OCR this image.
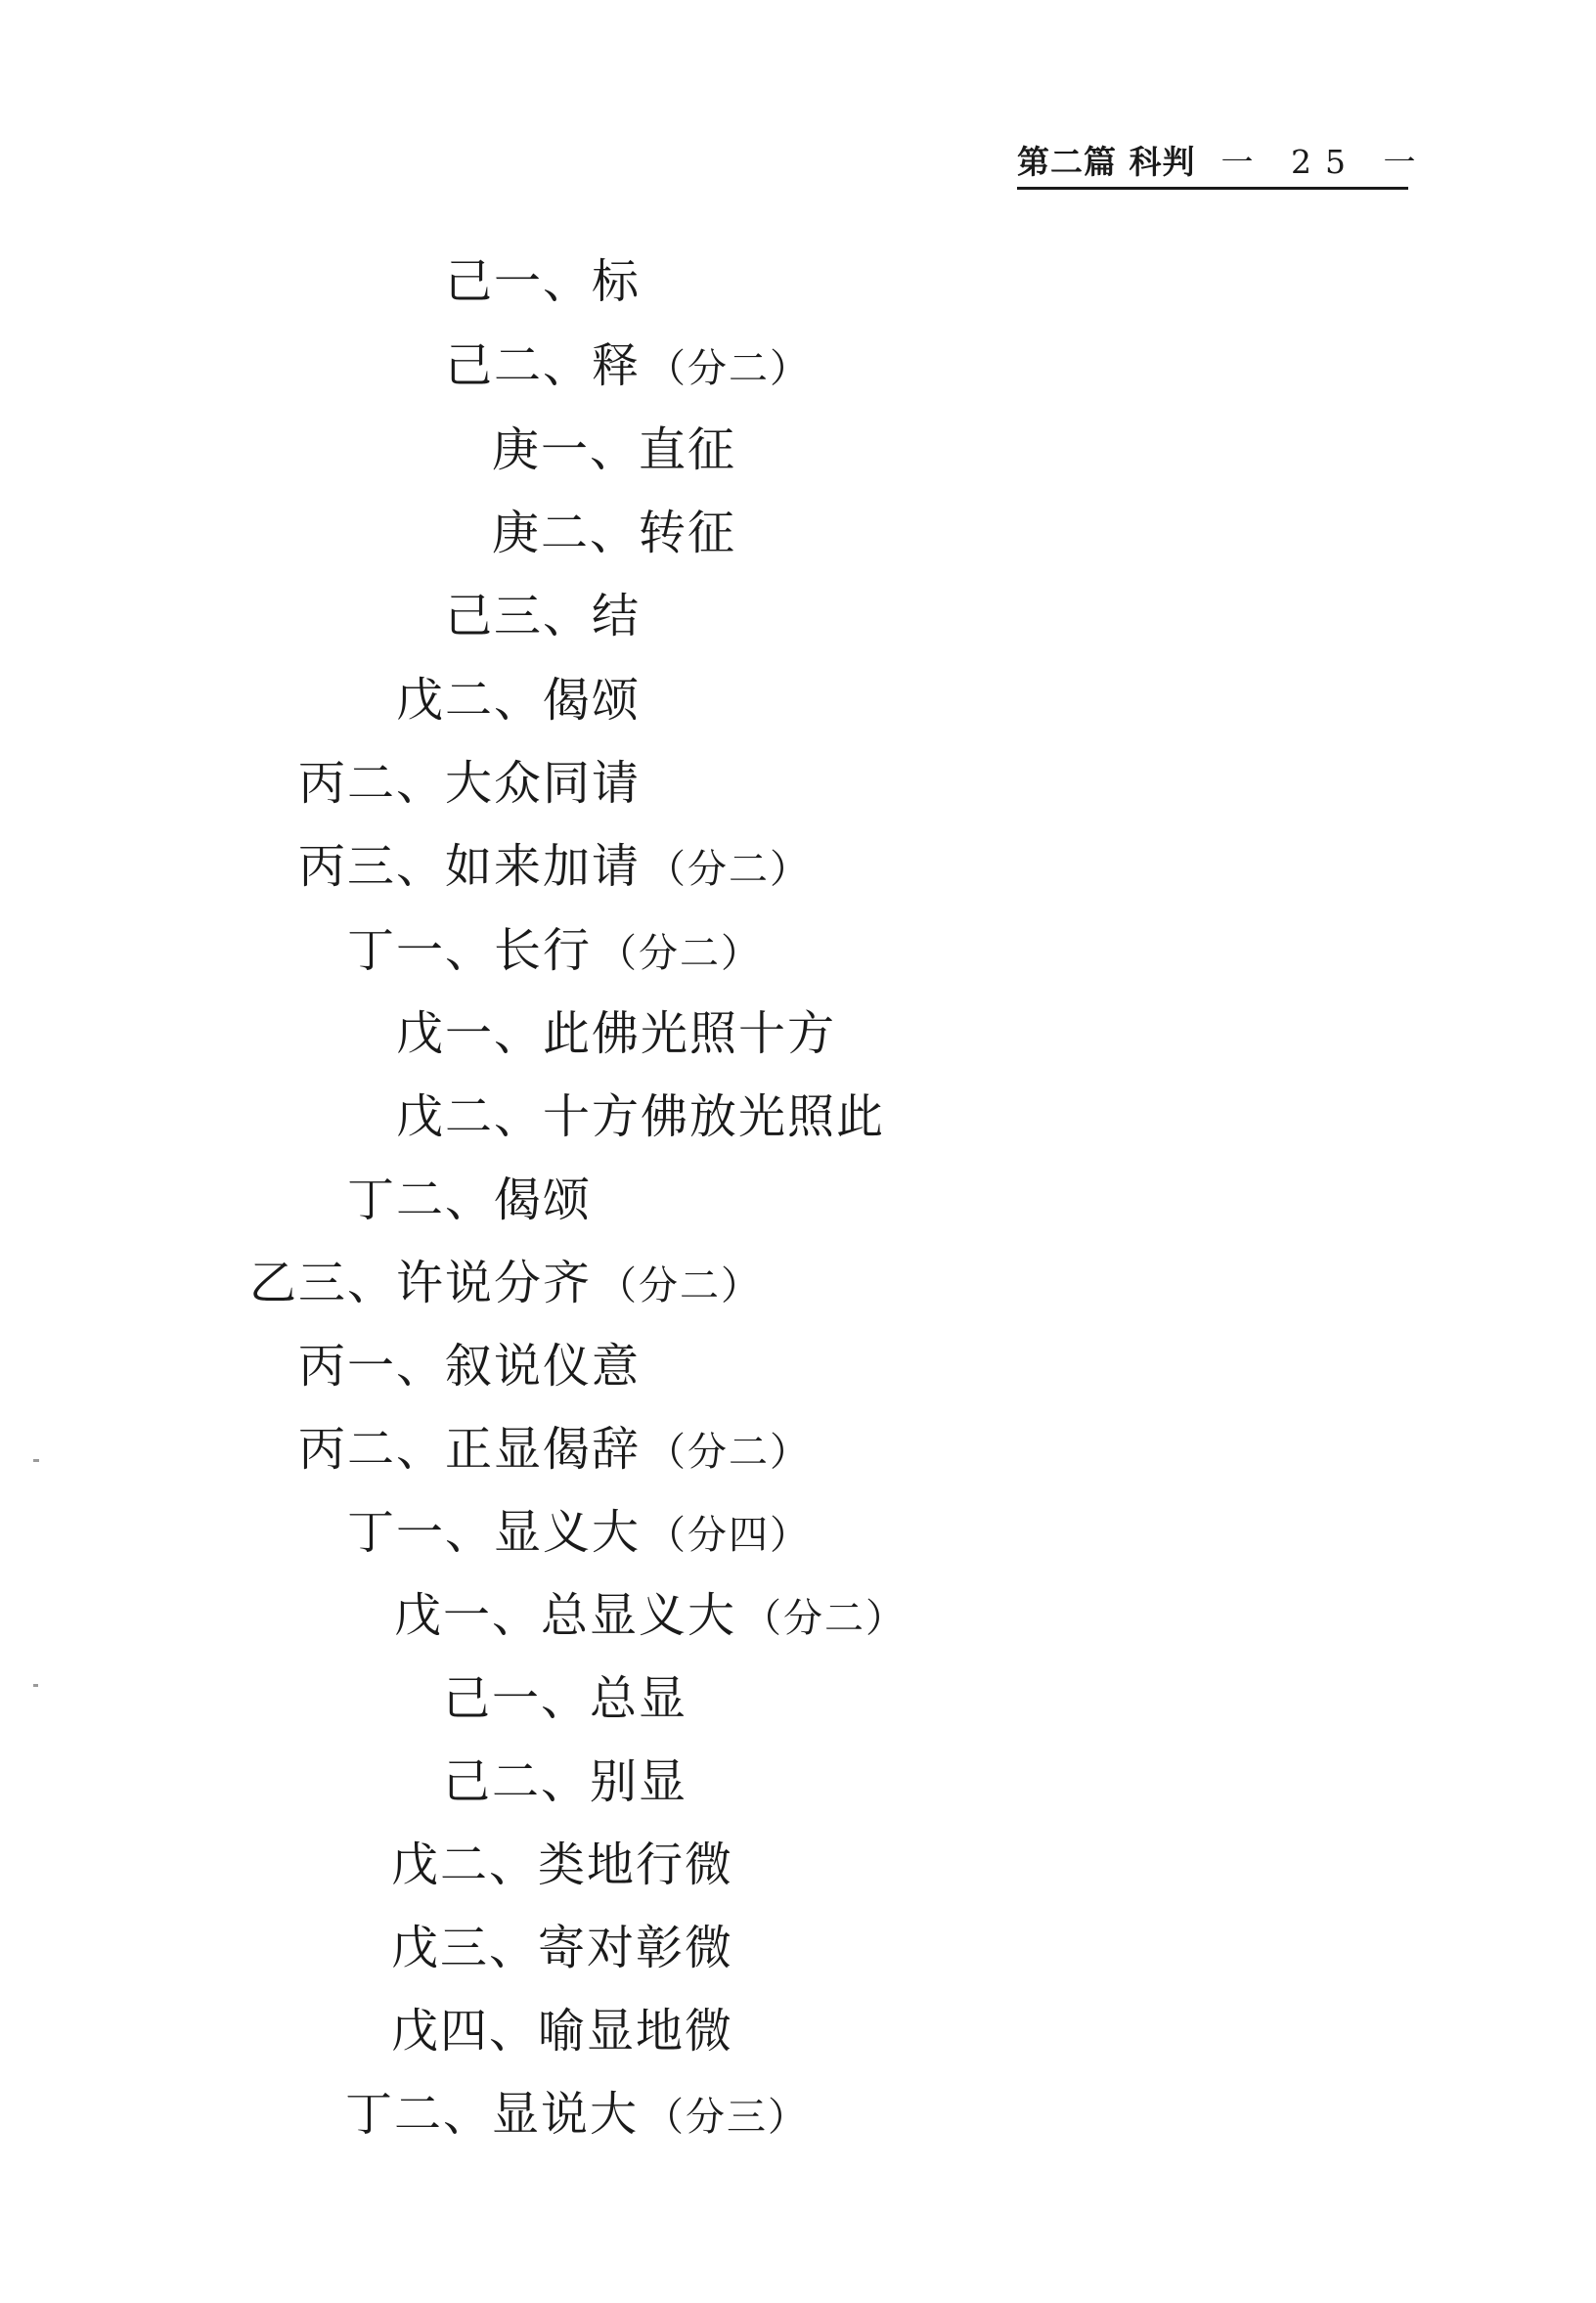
第二篇 科判 一 25 一
己一、标
己二、释 （分二）
庚一、直征
庚二、转征
己三、结
戊二、偈颂
丙二、大众同请
丙三、如来加请 （分二）
丁一、长行 （分二）
戊一、此佛光照十方
戊二、十方佛放光照此
丁二、偈颂
乙三、许说分齐 （分二）
丙一、叙说仪意
丙二、正显偈辞 （分二）
丁一、显义大 （分四）
戊一、总显义大 （分二）
己一、总显
己二、别显
戊二、类地行微
戊三、寄对彰微
戊四、喻显地微
丁二、显说大 （分三）
